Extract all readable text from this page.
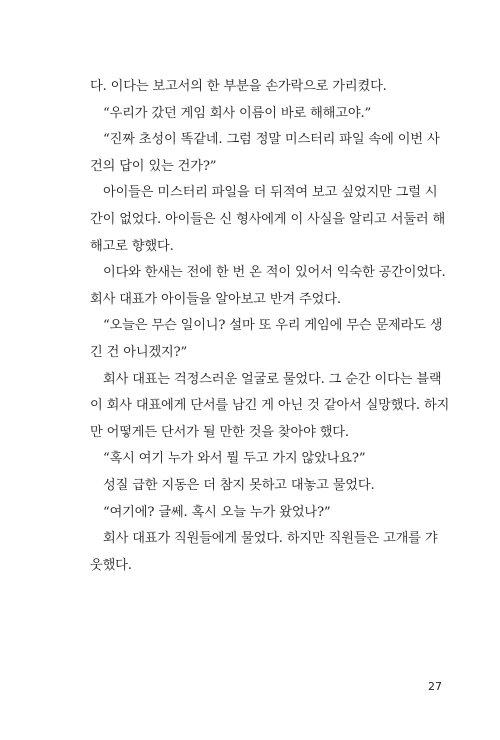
다. 이다는 보고서의 한 부분을 손가락으로 가리켰다.
“우리가 갔던 게임 회사 이름이 바로 해해고야.”
“진짜 초성이 똑같네. 그럼 정말 미스터리 파일 속에 이번 사
건의 답이 있는 건가?”
아이들은 미스터리 파일을 더 뒤적여 보고 싶었지만 그럴 시
간이 없었다. 아이들은 신 형사에게 이 사실을 알리고 서둘러 해
해고로 향했다.
이다와 한새는 전에 한 번 온 적이 있어서 익숙한 공간이었다.
회사 대표가 아이들을 알아보고 반겨 주었다.
“오늘은 무슨 일이니? 설마 또 우리 게임에 무슨 문제라도 생
긴 건 아니겠지?”
회사 대표는 걱정스러운 얼굴로 물었다. 그 순간 이다는 블랙
이 회사 대표에게 단서를 남긴 게 아닌 것 같아서 실망했다. 하지
만 어떻게든 단서가 될 만한 것을 찾아야 했다.
“혹시 여기 누가 와서 뭘 두고 가지 않았나요?”
성질 급한 지동은 더 참지 못하고 대놓고 물었다.
“여기에? 글쎄. 혹시 오늘 누가 왔었나?”
회사 대표가 직원들에게 물었다. 하지만 직원들은 고개를 갸
웃했다.
27
